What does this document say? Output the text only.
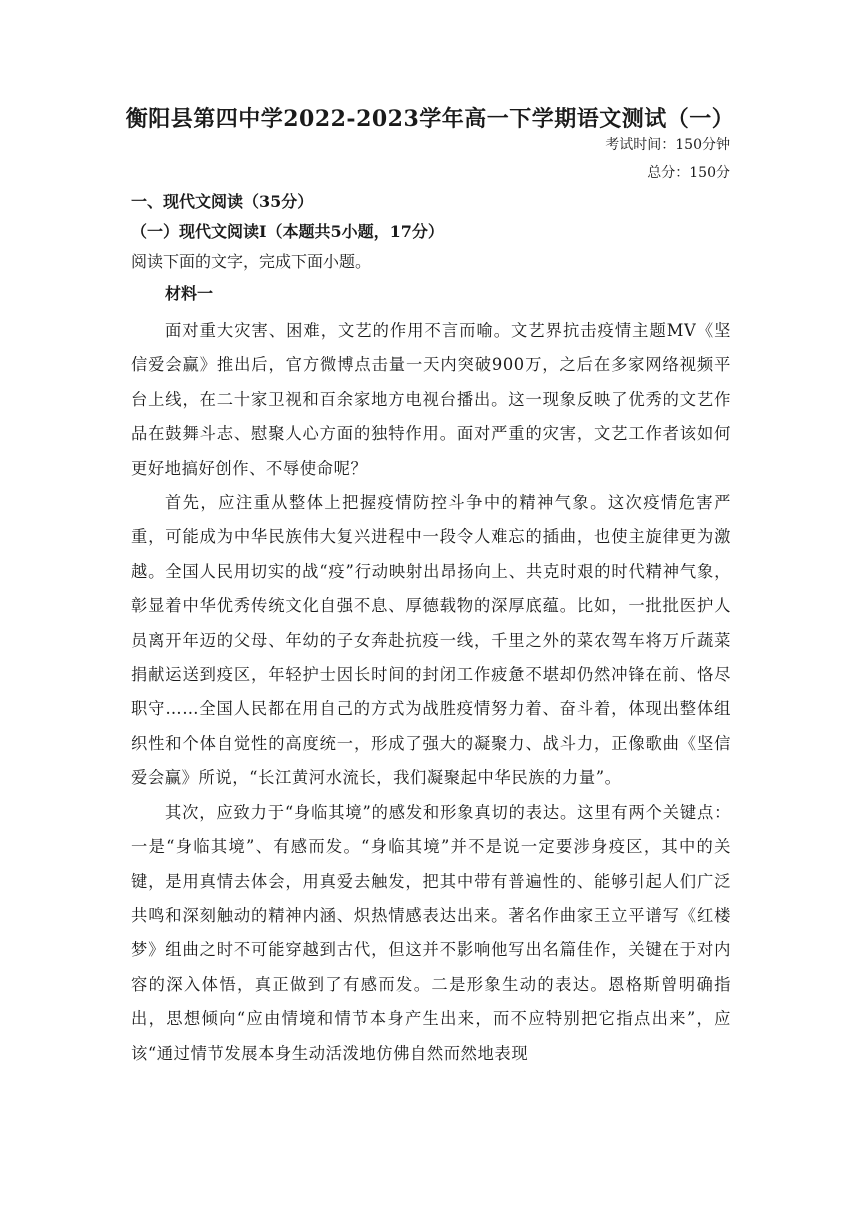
衡阳县第四中学2022-2023学年高一下学期语文测试（一）
考试时间：150分钟
总分：150分

一、现代文阅读（35分）

（一）现代文阅读I（本题共5小题，17分）

阅读下面的文字，完成下面小题。

材料一

面对重大灾害、困难，文艺的作用不言而喻。文艺界抗击疫情主题MV《坚信爱会赢》推出后，官方微博点击量一天内突破900万，之后在多家网络视频平台上线，在二十家卫视和百余家地方电视台播出。这一现象反映了优秀的文艺作品在鼓舞斗志、慰聚人心方面的独特作用。面对严重的灾害，文艺工作者该如何更好地搞好创作、不辱使命呢？

首先，应注重从整体上把握疫情防控斗争中的精神气象。这次疫情危害严重，可能成为中华民族伟大复兴进程中一段令人难忘的插曲，也使主旋律更为激越。全国人民用切实的战“疫”行动映射出昂扬向上、共克时艰的时代精神气象，彰显着中华优秀传统文化自强不息、厚德载物的深厚底蕴。比如，一批批医护人员离开年迈的父母、年幼的子女奔赴抗疫一线，千里之外的菜农驾车将万斤蔬菜捐献运送到疫区，年轻护士因长时间的封闭工作疲惫不堪却仍然冲锋在前、恪尽职守……全国人民都在用自己的方式为战胜疫情努力着、奋斗着，体现出整体组织性和个体自觉性的高度统一，形成了强大的凝聚力、战斗力，正像歌曲《坚信爱会赢》所说，“长江黄河水流长，我们凝聚起中华民族的力量”。

其次，应致力于“身临其境”的感发和形象真切的表达。这里有两个关键点：一是“身临其境”、有感而发。“身临其境”并不是说一定要涉身疫区，其中的关键，是用真情去体会，用真爱去触发，把其中带有普遍性的、能够引起人们广泛共鸣和深刻触动的精神内涵、炽热情感表达出来。著名作曲家王立平谱写《红楼梦》组曲之时不可能穿越到古代，但这并不影响他写出名篇佳作，关键在于对内容的深入体悟，真正做到了有感而发。二是形象生动的表达。恩格斯曾明确指出，思想倾向“应由情境和情节本身产生出来，而不应特别把它指点出来”，应该“通过情节发展本身生动活泼地仿佛自然而然地表现
